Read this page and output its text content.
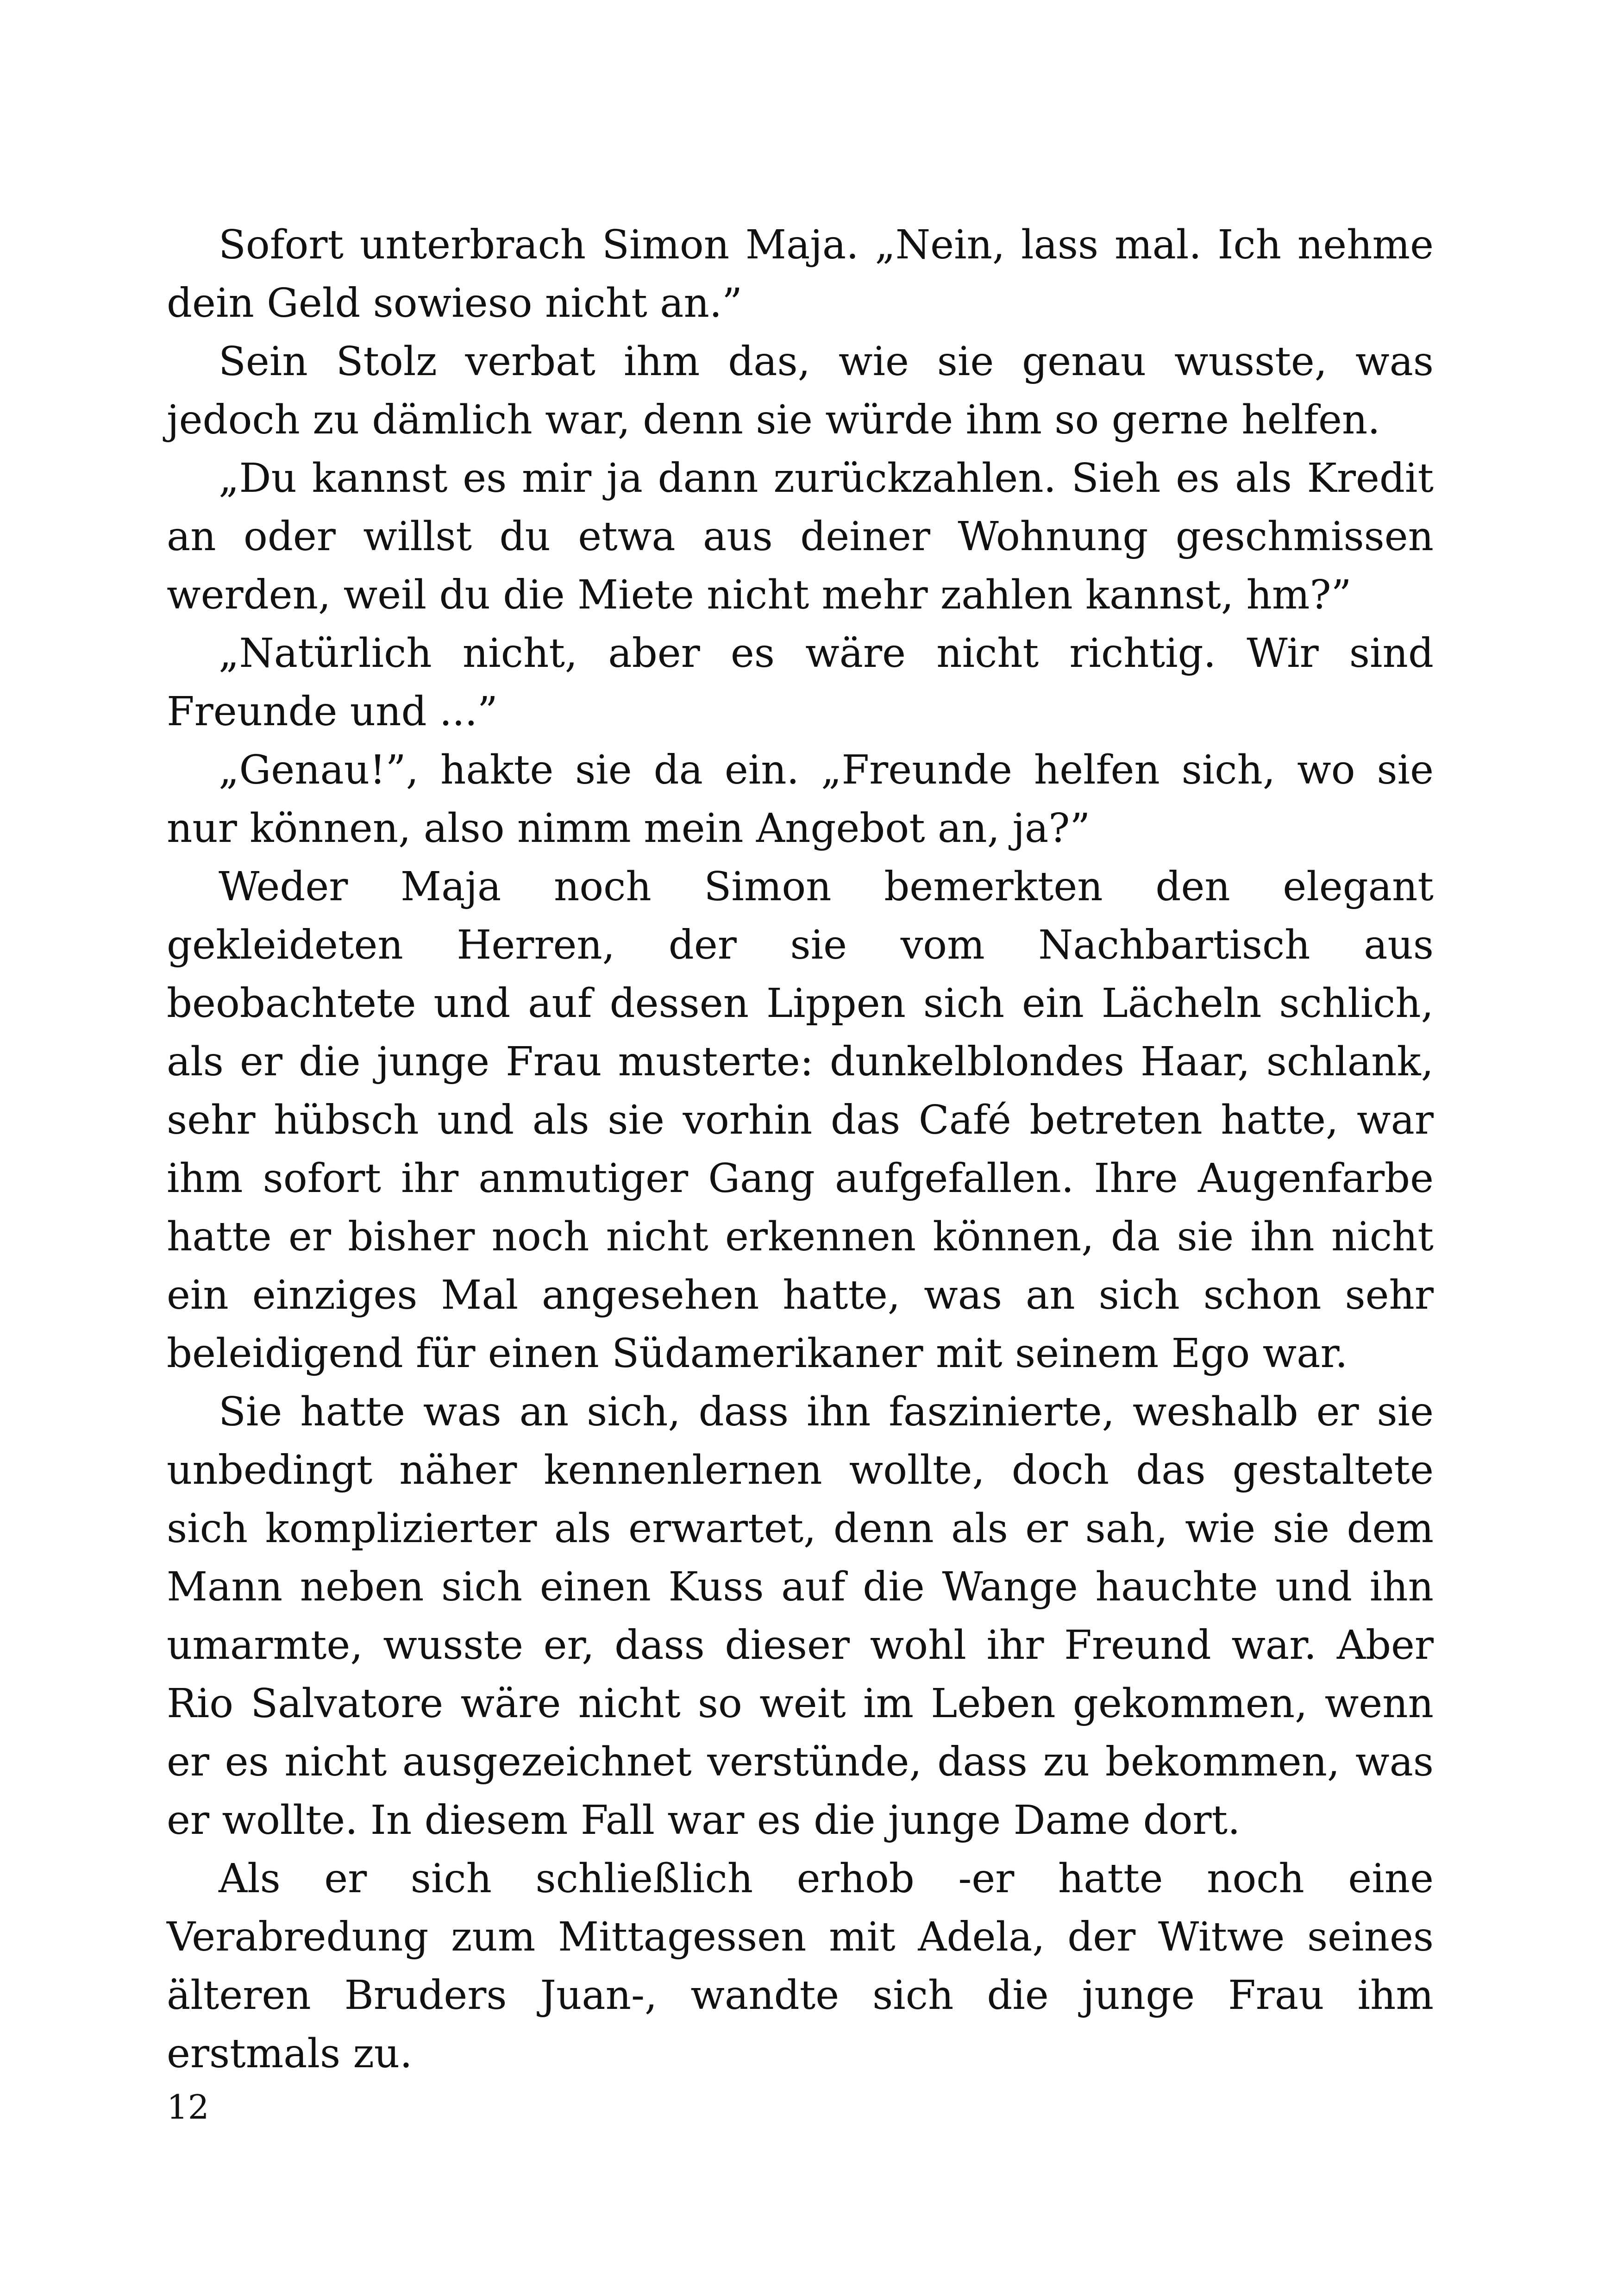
Sofort unterbrach Simon Maja. „Nein, lass mal. Ich nehme dein Geld sowieso nicht an.”

Sein Stolz verbat ihm das, wie sie genau wusste, was jedoch zu dämlich war, denn sie würde ihm so gerne helfen.

„Du kannst es mir ja dann zurückzahlen. Sieh es als Kredit an oder willst du etwa aus deiner Wohnung geschmissen werden, weil du die Miete nicht mehr zahlen kannst, hm?”

„Natürlich nicht, aber es wäre nicht richtig. Wir sind Freunde und ...”

„Genau!”, hakte sie da ein. „Freunde helfen sich, wo sie nur können, also nimm mein Angebot an, ja?”

Weder Maja noch Simon bemerkten den elegant gekleideten Herren, der sie vom Nachbartisch aus beobachtete und auf dessen Lippen sich ein Lächeln schlich, als er die junge Frau musterte: dunkelblondes Haar, schlank, sehr hübsch und als sie vorhin das Café betreten hatte, war ihm sofort ihr anmutiger Gang aufgefallen. Ihre Augenfarbe hatte er bisher noch nicht erkennen können, da sie ihn nicht ein einziges Mal angesehen hatte, was an sich schon sehr beleidigend für einen Südamerikaner mit seinem Ego war.

Sie hatte was an sich, dass ihn faszinierte, weshalb er sie unbedingt näher kennenlernen wollte, doch das gestaltete sich komplizierter als erwartet, denn als er sah, wie sie dem Mann neben sich einen Kuss auf die Wange hauchte und ihn umarmte, wusste er, dass dieser wohl ihr Freund war. Aber Rio Salvatore wäre nicht so weit im Leben gekommen, wenn er es nicht ausgezeichnet verstünde, dass zu bekommen, was er wollte. In diesem Fall war es die junge Dame dort.

Als er sich schließlich erhob -er hatte noch eine Verabredung zum Mittagessen mit Adela, der Witwe seines älteren Bruders Juan-, wandte sich die junge Frau ihm erstmals zu.

12
